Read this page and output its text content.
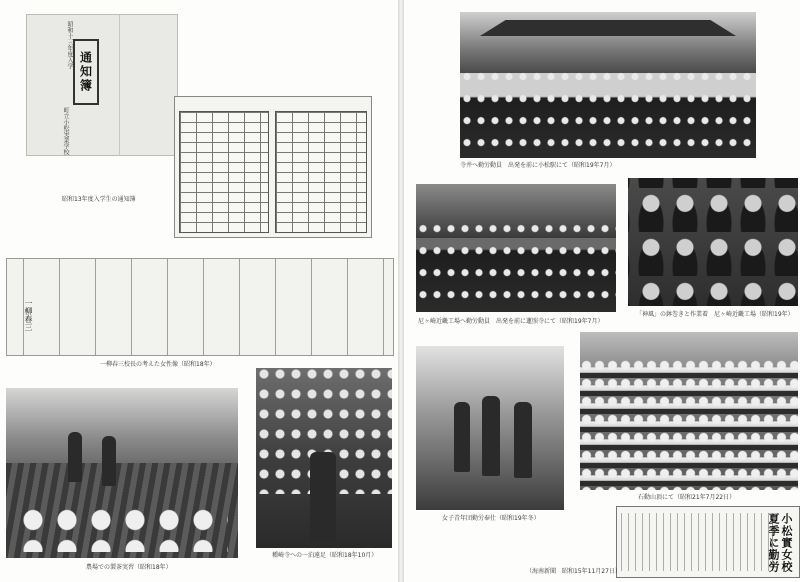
昭和十三年度入学
通知簿
町立小松実業学校
昭和13年度入学生の通知簿
一柳春三
一柳春三校長の考えた女性像（昭和18年）
農場での製茶実習（昭和18年）
種崎寺への一泊遠足（昭和18年10月）
寺井へ勤労動員　出発を前に小松駅にて（昭和19年7月）
尼ヶ崎近畿工場へ勤労動員　出発を前に蓮照寺にて（昭和19年7月）
「神風」の鉢巻きと作業着　尼ヶ崎近畿工場（昭和19年）
女子青年団勤労奉仕（昭和19年冬）
石動山頂にて（昭和21年7月22日）
小松實女校 夏季に勤労
（海南新聞　昭和15年11月27日）
